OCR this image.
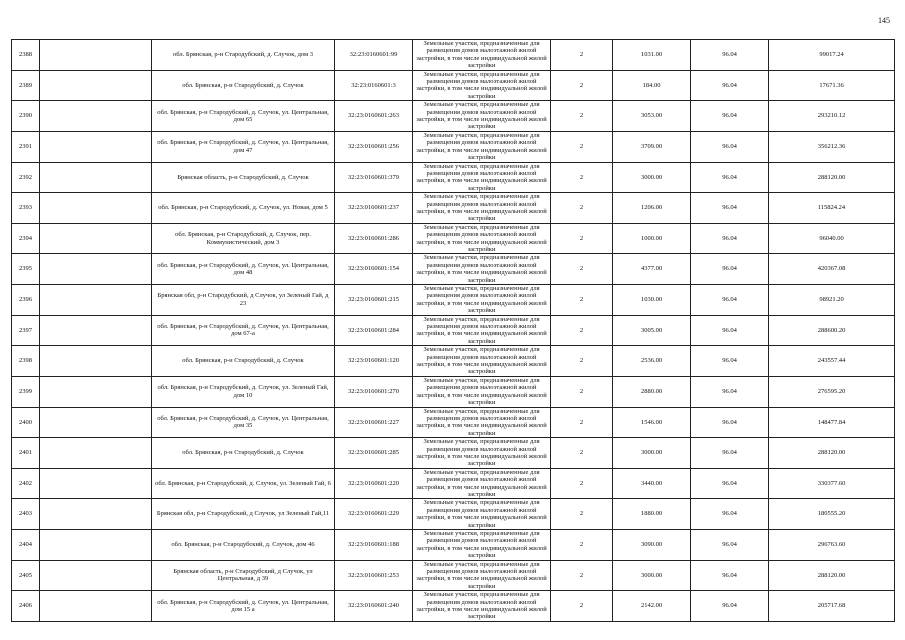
145
2388		обл. Брянская, р-н Стародубский, д. Случок, дом 3	32:23:0160601:99	Земельные участки, предназначенные для размещения домов малоэтажной жилой застройки, в том числе индивидуальной жилой застройки	2	1031.00	96.04	99017.24
2389		обл. Брянская, р-н Стародубский, д. Случок	32:23:0160601:3	Земельные участки, предназначенные для размещения домов малоэтажной жилой застройки, в том числе индивидуальной жилой застройки	2	184.00	96.04	17671.36
2390		обл. Брянская, р-н Стародубский, д. Случок, ул. Центральная, дом 65	32:23:0160601:263	Земельные участки, предназначенные для размещения домов малоэтажной жилой застройки, в том числе индивидуальной жилой застройки	2	3053.00	96.04	293210.12
2391		обл. Брянская, р-н Стародубский, д. Случок, ул. Центральная, дом 47	32:23:0160601:256	Земельные участки, предназначенные для размещения домов малоэтажной жилой застройки, в том числе индивидуальной жилой застройки	2	3709.00	96.04	356212.36
2392		Брянская область, р-н Стародубский, д. Случок	32:23:0160601:379	Земельные участки, предназначенные для размещения домов малоэтажной жилой застройки, в том числе индивидуальной жилой застройки	2	3000.00	96.04	288120.00
2393		обл. Брянская, р-н Стародубский, д. Случок, ул. Новая, дом 5	32:23:0160601:237	Земельные участки, предназначенные для размещения домов малоэтажной жилой застройки, в том числе индивидуальной жилой застройки	2	1206.00	96.04	115824.24
2394		обл. Брянская, р-н Стародубский, д. Случок, пер. Коммунистический, дом 3	32:23:0160601:286	Земельные участки, предназначенные для размещения домов малоэтажной жилой застройки, в том числе индивидуальной жилой застройки	2	1000.00	96.04	96040.00
2395		обл. Брянская, р-н Стародубский, д. Случок, ул. Центральная, дом 48	32:23:0160601:154	Земельные участки, предназначенные для размещения домов малоэтажной жилой застройки, в том числе индивидуальной жилой застройки	2	4377.00	96.04	420367.08
2396		Брянская обл, р-н Стародубский, д Случок, ул Зеленый Гай, д 23	32:23:0160601:215	Земельные участки, предназначенные для размещения домов малоэтажной жилой застройки, в том числе индивидуальной жилой застройки	2	1030.00	96.04	98921.20
2397		обл. Брянская, р-н Стародубский, д. Случок, ул. Центральная, дом 67-а	32:23:0160601:284	Земельные участки, предназначенные для размещения домов малоэтажной жилой застройки, в том числе индивидуальной жилой застройки	2	3005.00	96.04	288600.20
2398		обл. Брянская, р-н Стародубский, д. Случок	32:23:0160601:120	Земельные участки, предназначенные для размещения домов малоэтажной жилой застройки, в том числе индивидуальной жилой застройки	2	2536.00	96.04	243557.44
2399		обл. Брянская, р-н Стародубский, д. Случок, ул. Зеленый Гай, дом 10	32:23:0160601:270	Земельные участки, предназначенные для размещения домов малоэтажной жилой застройки, в том числе индивидуальной жилой застройки	2	2880.00	96.04	276595.20
2400		обл. Брянская, р-н Стародубский, д. Случок, ул. Центральная, дом 35	32:23:0160601:227	Земельные участки, предназначенные для размещения домов малоэтажной жилой застройки, в том числе индивидуальной жилой застройки	2	1546.00	96.04	148477.84
2401		обл. Брянская, р-н Стародубский, д. Случок	32:23:0160601:285	Земельные участки, предназначенные для размещения домов малоэтажной жилой застройки, в том числе индивидуальной жилой застройки	2	3000.00	96.04	288120.00
2402		обл. Брянская, р-н Стародубский, д. Случок, ул. Зеленый Гай, 6	32:23:0160601:220	Земельные участки, предназначенные для размещения домов малоэтажной жилой застройки, в том числе индивидуальной жилой застройки	2	3440.00	96.04	330377.60
2403		Брянская обл, р-н Стародубский, д Случок, ул Зеленый Гай,11	32:23:0160601:229	Земельные участки, предназначенные для размещения домов малоэтажной жилой застройки, в том числе индивидуальной жилой застройки	2	1880.00	96.04	180555.20
2404		обл. Брянская, р-н Стародубский, д. Случок, дом 46	32:23:0160601:188	Земельные участки, предназначенные для размещения домов малоэтажной жилой застройки, в том числе индивидуальной жилой застройки	2	3090.00	96.04	296763.60
2405		Брянская область, р-н Стародубский, д Случок, ул Центральная, д 39	32:23:0160601:253	Земельные участки, предназначенные для размещения домов малоэтажной жилой застройки, в том числе индивидуальной жилой застройки	2	3000.00	96.04	288120.00
2406		обл. Брянская, р-н Стародубский, д. Случок, ул. Центральная, дом 15 а	32:23:0160601:240	Земельные участки, предназначенные для размещения домов малоэтажной жилой застройки, в том числе индивидуальной жилой застройки	2	2142.00	96.04	205717.68
